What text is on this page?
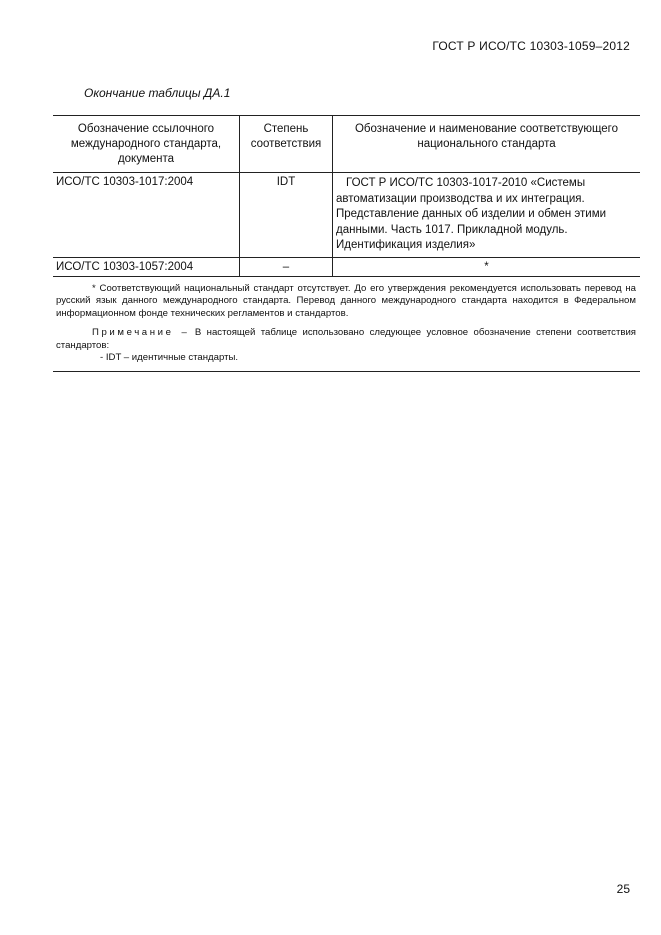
ГОСТ Р ИСО/ТС 10303-1059–2012
Окончание таблицы ДА.1
Обозначение ссылочного международного стандарта, документа	Степень соответствия	Обозначение и наименование соответствующего национального стандарта
ИСО/ТС 10303-1017:2004	IDT	ГОСТ Р ИСО/ТС 10303-1017-2010 «Системы автоматизации производства и их интеграция. Представление данных об изделии и обмен этими данными. Часть 1017. Прикладной модуль. Идентификация изделия»

ИСО/ТС 10303-1057:2004	–	*

* Соответствующий национальный стандарт отсутствует. До его утверждения рекомендуется использовать перевод на русский язык данного международного стандарта. Перевод данного международного стандарта находится в Федеральном информационном фонде технических регламентов и стандартов.
Примечание – В настоящей таблице использовано следующее условное обозначение степени соответствия стандартов:
- IDT – идентичные стандарты.		
25
